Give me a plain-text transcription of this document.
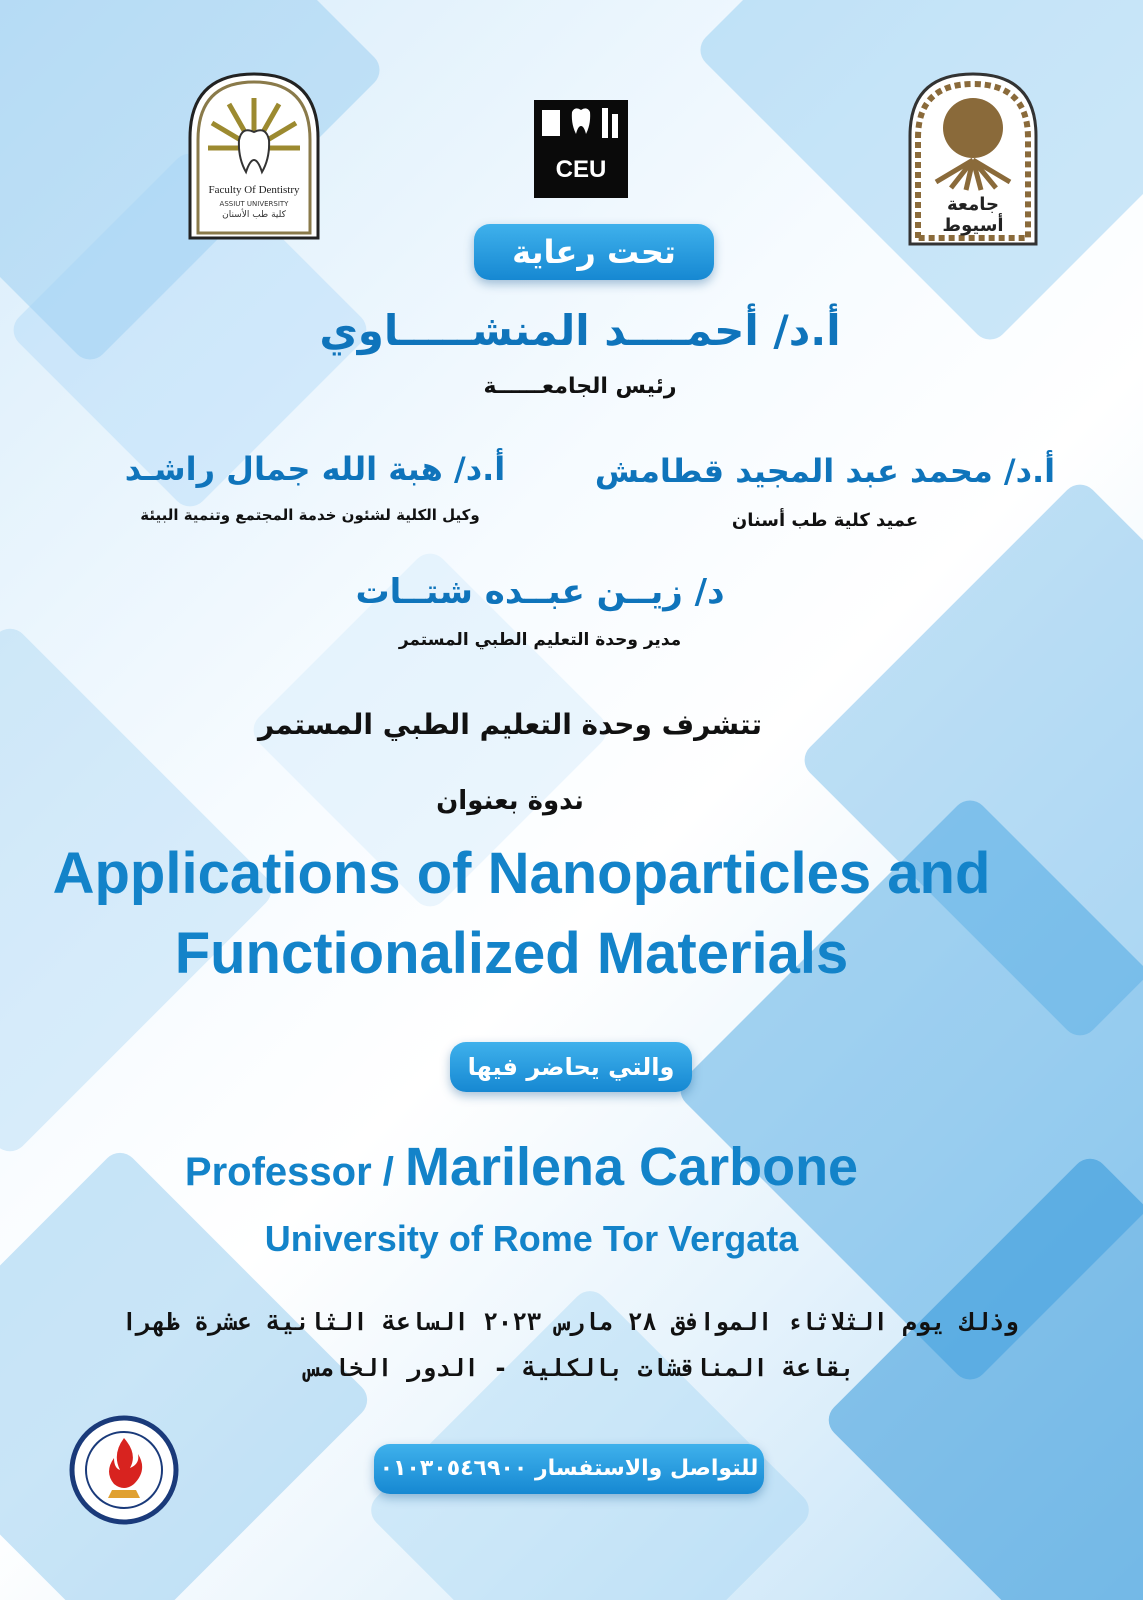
Faculty Of Dentistry
ASSIUT UNIVERSITY
كلية طب الأسنان
CEU
جامعة أسيوط
تحت رعاية
أ.د/ أحمــــد المنشـــــاوي
رئيس الجامعــــــة
أ.د/ محمد عبد المجيد قطامش
عميد كلية طب أسنان
أ.د/ هبة الله جمال راشـد
وكيل الكلية لشئون خدمة المجتمع وتنمية البيئة
د/ زيــن عبــده شتــات
مدير وحدة التعليم الطبي المستمر
تتشرف وحدة التعليم الطبي المستمر
ندوة بعنوان
Applications of Nanoparticles and
Functionalized Materials
والتي يحاضر فيها
Professor / Marilena Carbone
University of Rome Tor Vergata
وذلك يوم الثلاثاء الموافق ٢٨ مارس ٢٠٢٣ الساعة الثانية عشرة ظهرا
بقاعة المناقشات بالكلية - الدور الخامس
للتواصل والاستفسار ٠١٠٣٠٥٤٦٩٠٠
